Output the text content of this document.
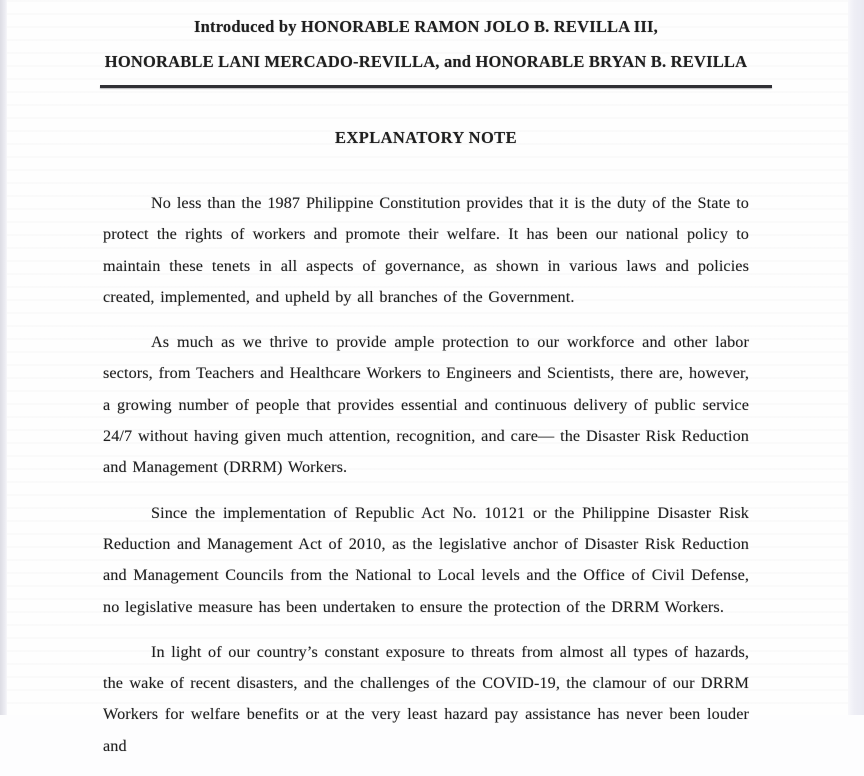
Introduced by HONORABLE RAMON JOLO B. REVILLA III,

HONORABLE LANI MERCADO-REVILLA, and HONORABLE BRYAN B. REVILLA

EXPLANATORY NOTE

No less than the 1987 Philippine Constitution provides that it is the duty of the State to protect the rights of workers and promote their welfare. It has been our national policy to maintain these tenets in all aspects of governance, as shown in various laws and policies created, implemented, and upheld by all branches of the Government.

As much as we thrive to provide ample protection to our workforce and other labor sectors, from Teachers and Healthcare Workers to Engineers and Scientists, there are, however, a growing number of people that provides essential and continuous delivery of public service 24/7 without having given much attention, recognition, and care— the Disaster Risk Reduction and Management (DRRM) Workers.

Since the implementation of Republic Act No. 10121 or the Philippine Disaster Risk Reduction and Management Act of 2010, as the legislative anchor of Disaster Risk Reduction and Management Councils from the National to Local levels and the Office of Civil Defense, no legislative measure has been undertaken to ensure the protection of the DRRM Workers.

In light of our country’s constant exposure to threats from almost all types of hazards, the wake of recent disasters, and the challenges of the COVID-19, the clamour of our DRRM Workers for welfare benefits or at the very least hazard pay assistance has never been louder and
